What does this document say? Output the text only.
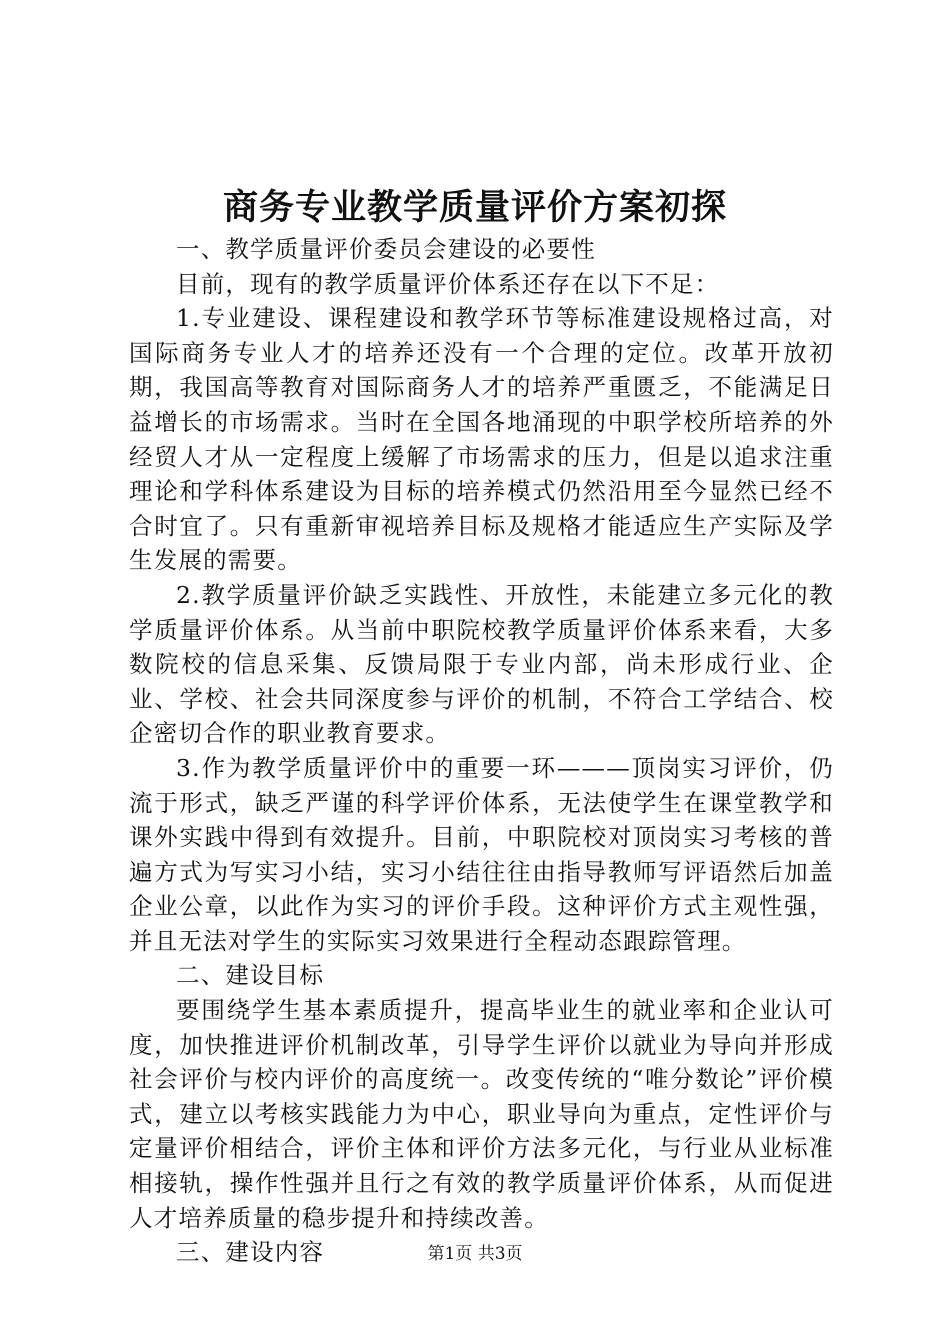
商务专业教学质量评价方案初探

一、教学质量评价委员会建设的必要性

目前，现有的教学质量评价体系还存在以下不足：

1.专业建设、课程建设和教学环节等标准建设规格过高，对国际商务专业人才的培养还没有一个合理的定位。改革开放初期，我国高等教育对国际商务人才的培养严重匮乏，不能满足日益增长的市场需求。当时在全国各地涌现的中职学校所培养的外经贸人才从一定程度上缓解了市场需求的压力，但是以追求注重理论和学科体系建设为目标的培养模式仍然沿用至今显然已经不合时宜了。只有重新审视培养目标及规格才能适应生产实际及学生发展的需要。

2.教学质量评价缺乏实践性、开放性，未能建立多元化的教学质量评价体系。从当前中职院校教学质量评价体系来看，大多数院校的信息采集、反馈局限于专业内部，尚未形成行业、企业、学校、社会共同深度参与评价的机制，不符合工学结合、校企密切合作的职业教育要求。

3.作为教学质量评价中的重要一环———顶岗实习评价，仍流于形式，缺乏严谨的科学评价体系，无法使学生在课堂教学和课外实践中得到有效提升。目前，中职院校对顶岗实习考核的普遍方式为写实习小结，实习小结往往由指导教师写评语然后加盖企业公章，以此作为实习的评价手段。这种评价方式主观性强，并且无法对学生的实际实习效果进行全程动态跟踪管理。

二、建设目标

要围绕学生基本素质提升，提高毕业生的就业率和企业认可度，加快推进评价机制改革，引导学生评价以就业为导向并形成社会评价与校内评价的高度统一。改变传统的“唯分数论”评价模式，建立以考核实践能力为中心，职业导向为重点，定性评价与定量评价相结合，评价主体和评价方法多元化，与行业从业标准相接轨，操作性强并且行之有效的教学质量评价体系，从而促进人才培养质量的稳步提升和持续改善。

三、建设内容	第1页 共3页
